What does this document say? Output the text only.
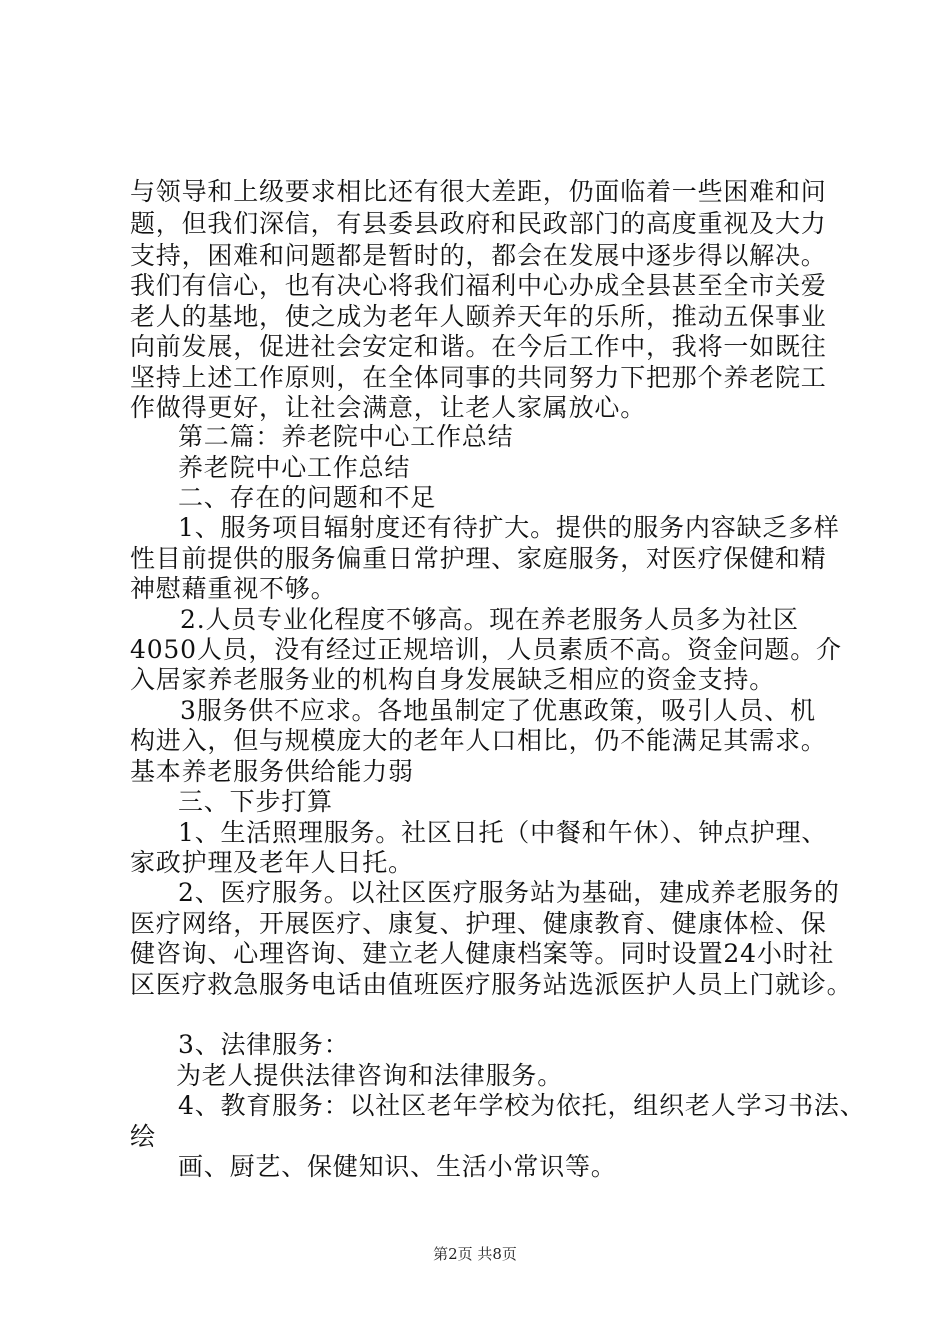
与领导和上级要求相比还有很大差距，仍面临着一些困难和问
题，但我们深信，有县委县政府和民政部门的高度重视及大力
支持，困难和问题都是暂时的，都会在发展中逐步得以解决。
我们有信心，也有决心将我们福利中心办成全县甚至全市关爱
老人的基地，使之成为老年人颐养天年的乐所，推动五保事业
向前发展，促进社会安定和谐。在今后工作中，我将一如既往
坚持上述工作原则，在全体同事的共同努力下把那个养老院工
作做得更好，让社会满意，让老人家属放心。
第二篇：养老院中心工作总结
养老院中心工作总结
二、存在的问题和不足
1、服务项目辐射度还有待扩大。提供的服务内容缺乏多样
性目前提供的服务偏重日常护理、家庭服务，对医疗保健和精
神慰藉重视不够。
2.人员专业化程度不够高。现在养老服务人员多为社区
4050人员，没有经过正规培训，人员素质不高。资金问题。介
入居家养老服务业的机构自身发展缺乏相应的资金支持。
3服务供不应求。各地虽制定了优惠政策，吸引人员、机
构进入，但与规模庞大的老年人口相比，仍不能满足其需求。
基本养老服务供给能力弱
三、下步打算
1、生活照理服务。社区日托（中餐和午休）、钟点护理、
家政护理及老年人日托。
2、医疗服务。以社区医疗服务站为基础，建成养老服务的
医疗网络，开展医疗、康复、护理、健康教育、健康体检、保
健咨询、心理咨询、建立老人健康档案等。同时设置24小时社
区医疗救急服务电话由值班医疗服务站选派医护人员上门就诊。
3、法律服务：
为老人提供法律咨询和法律服务。
4、教育服务：以社区老年学校为依托，组织老人学习书法、
绘
画、厨艺、保健知识、生活小常识等。
第2页 共8页
